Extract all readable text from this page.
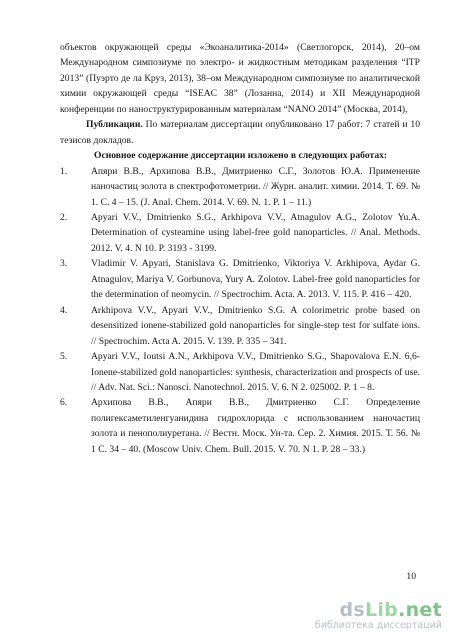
объектов окружающей среды «Экоаналитика-2014» (Светлогорск, 2014), 20–ом Международном симпозиуме по электро- и жидкостным методикам разделения “ITP 2013” (Пуэрто де ла Круз, 2013), 38–ом Международном симпозиуме по аналитической химии окружающей среды “ISEAC 38” (Лозанна, 2014) и XII Международной конференции по наноструктурированным материалам “NANO 2014” (Москва, 2014),

Публикации. По материалам диссертации опубликовано 17 работ: 7 статей и 10 тезисов докладов.

Основное содержание диссертации изложено в следующих работах:

1. Апяри В.В., Архипова В.В., Дмитриенко С.Г., Золотов Ю.А. Применение наночастиц золота в спектрофотометрии. // Журн. аналит. химии. 2014. Т. 69. № 1. С. 4 – 15. (J. Anal. Chem. 2014. V. 69. N. 1. P. 1 – 11.)
2. Apyari V.V., Dmitrienko S.G., Arkhipova V.V., Atnagulov A.G., Zolotov Yu.A. Determination of cysteamine using label-free gold nanoparticles. // Anal. Methods. 2012. V. 4. N 10. P. 3193 - 3199.
3. Vladimir V. Apyari, Stanislava G. Dmitrienko, Viktoriya V. Arkhipova, Aydar G. Atnagulov, Mariya V. Gorbunova, Yury A. Zolotov. Label-free gold nanoparticles for the determination of neomycin. // Spectrochim. Acta. A. 2013. V. 115. P. 416 – 420.
4. Arkhipova V.V., Apyari V.V., Dmitrienko S.G. A colorimetric probe based on desensitized ionene-stabilized gold nanoparticles for single-step test for sulfate ions. // Spectrochim. Acta A. 2015. V. 139. P. 335 – 341.
5. Apyari V.V., Ioutsi A.N., Arkhipova V.V., Dmitrienko S.G., Shapovalova E.N. 6,6-Ionene-stabilized gold nanoparticles: synthesis, characterization and prospects of use. // Adv. Nat. Sci.: Nanosci. Nanotechnol. 2015. V. 6. N 2. 025002. P. 1 – 8.
6. Архипова В.В., Апяри В.В., Дмитриенко С.Г. Определение полигексаметиленгуанидина гидрохлорида с использованием наночастиц золота и пенополиуретана. // Вестн. Моск. Ун-та. Сер. 2. Химия. 2015. Т. 56. № 1 С. 34 – 40. (Moscow Univ. Chem. Bull. 2015. V. 70. N 1. P. 28 – 33.)
10
dsLib.net
библиотека диссертаций
